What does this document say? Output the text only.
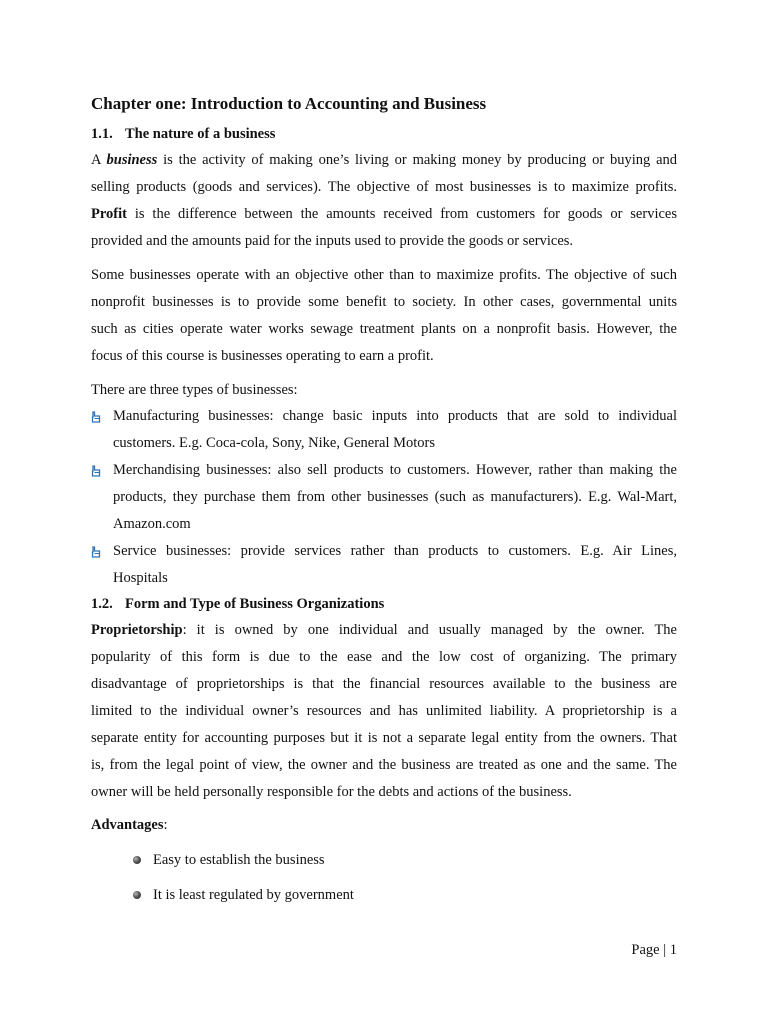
Chapter one: Introduction to Accounting and Business
1.1. The nature of a business

A business is the activity of making one’s living or making money by producing or buying and
selling products (goods and services). The objective of most businesses is to maximize profits.
Profit is the difference between the amounts received from customers for goods or services
provided and the amounts paid for the inputs used to provide the goods or services.

Some businesses operate with an objective other than to maximize profits. The objective of such
nonprofit businesses is to provide some benefit to society. In other cases, governmental units
such as cities operate water works sewage treatment plants on a nonprofit basis. However, the
focus of this course is businesses operating to earn a profit.

There are three types of businesses:

Manufacturing businesses: change basic inputs into products that are sold to individual
customers. E.g. Coca-cola, Sony, Nike, General Motors
Merchandising businesses: also sell products to customers. However, rather than making the
products, they purchase them from other businesses (such as manufacturers). E.g. Wal-Mart,
Amazon.com
Service businesses: provide services rather than products to customers. E.g. Air Lines,
Hospitals
1.2. Form and Type of Business Organizations

Proprietorship: it is owned by one individual and usually managed by the owner. The
popularity of this form is due to the ease and the low cost of organizing. The primary
disadvantage of proprietorships is that the financial resources available to the business are
limited to the individual owner’s resources and has unlimited liability. A proprietorship is a
separate entity for accounting purposes but it is not a separate legal entity from the owners. That
is, from the legal point of view, the owner and the business are treated as one and the same. The
owner will be held personally responsible for the debts and actions of the business.

Advantages:

Easy to establish the business
It is least regulated by government
Page | 1
